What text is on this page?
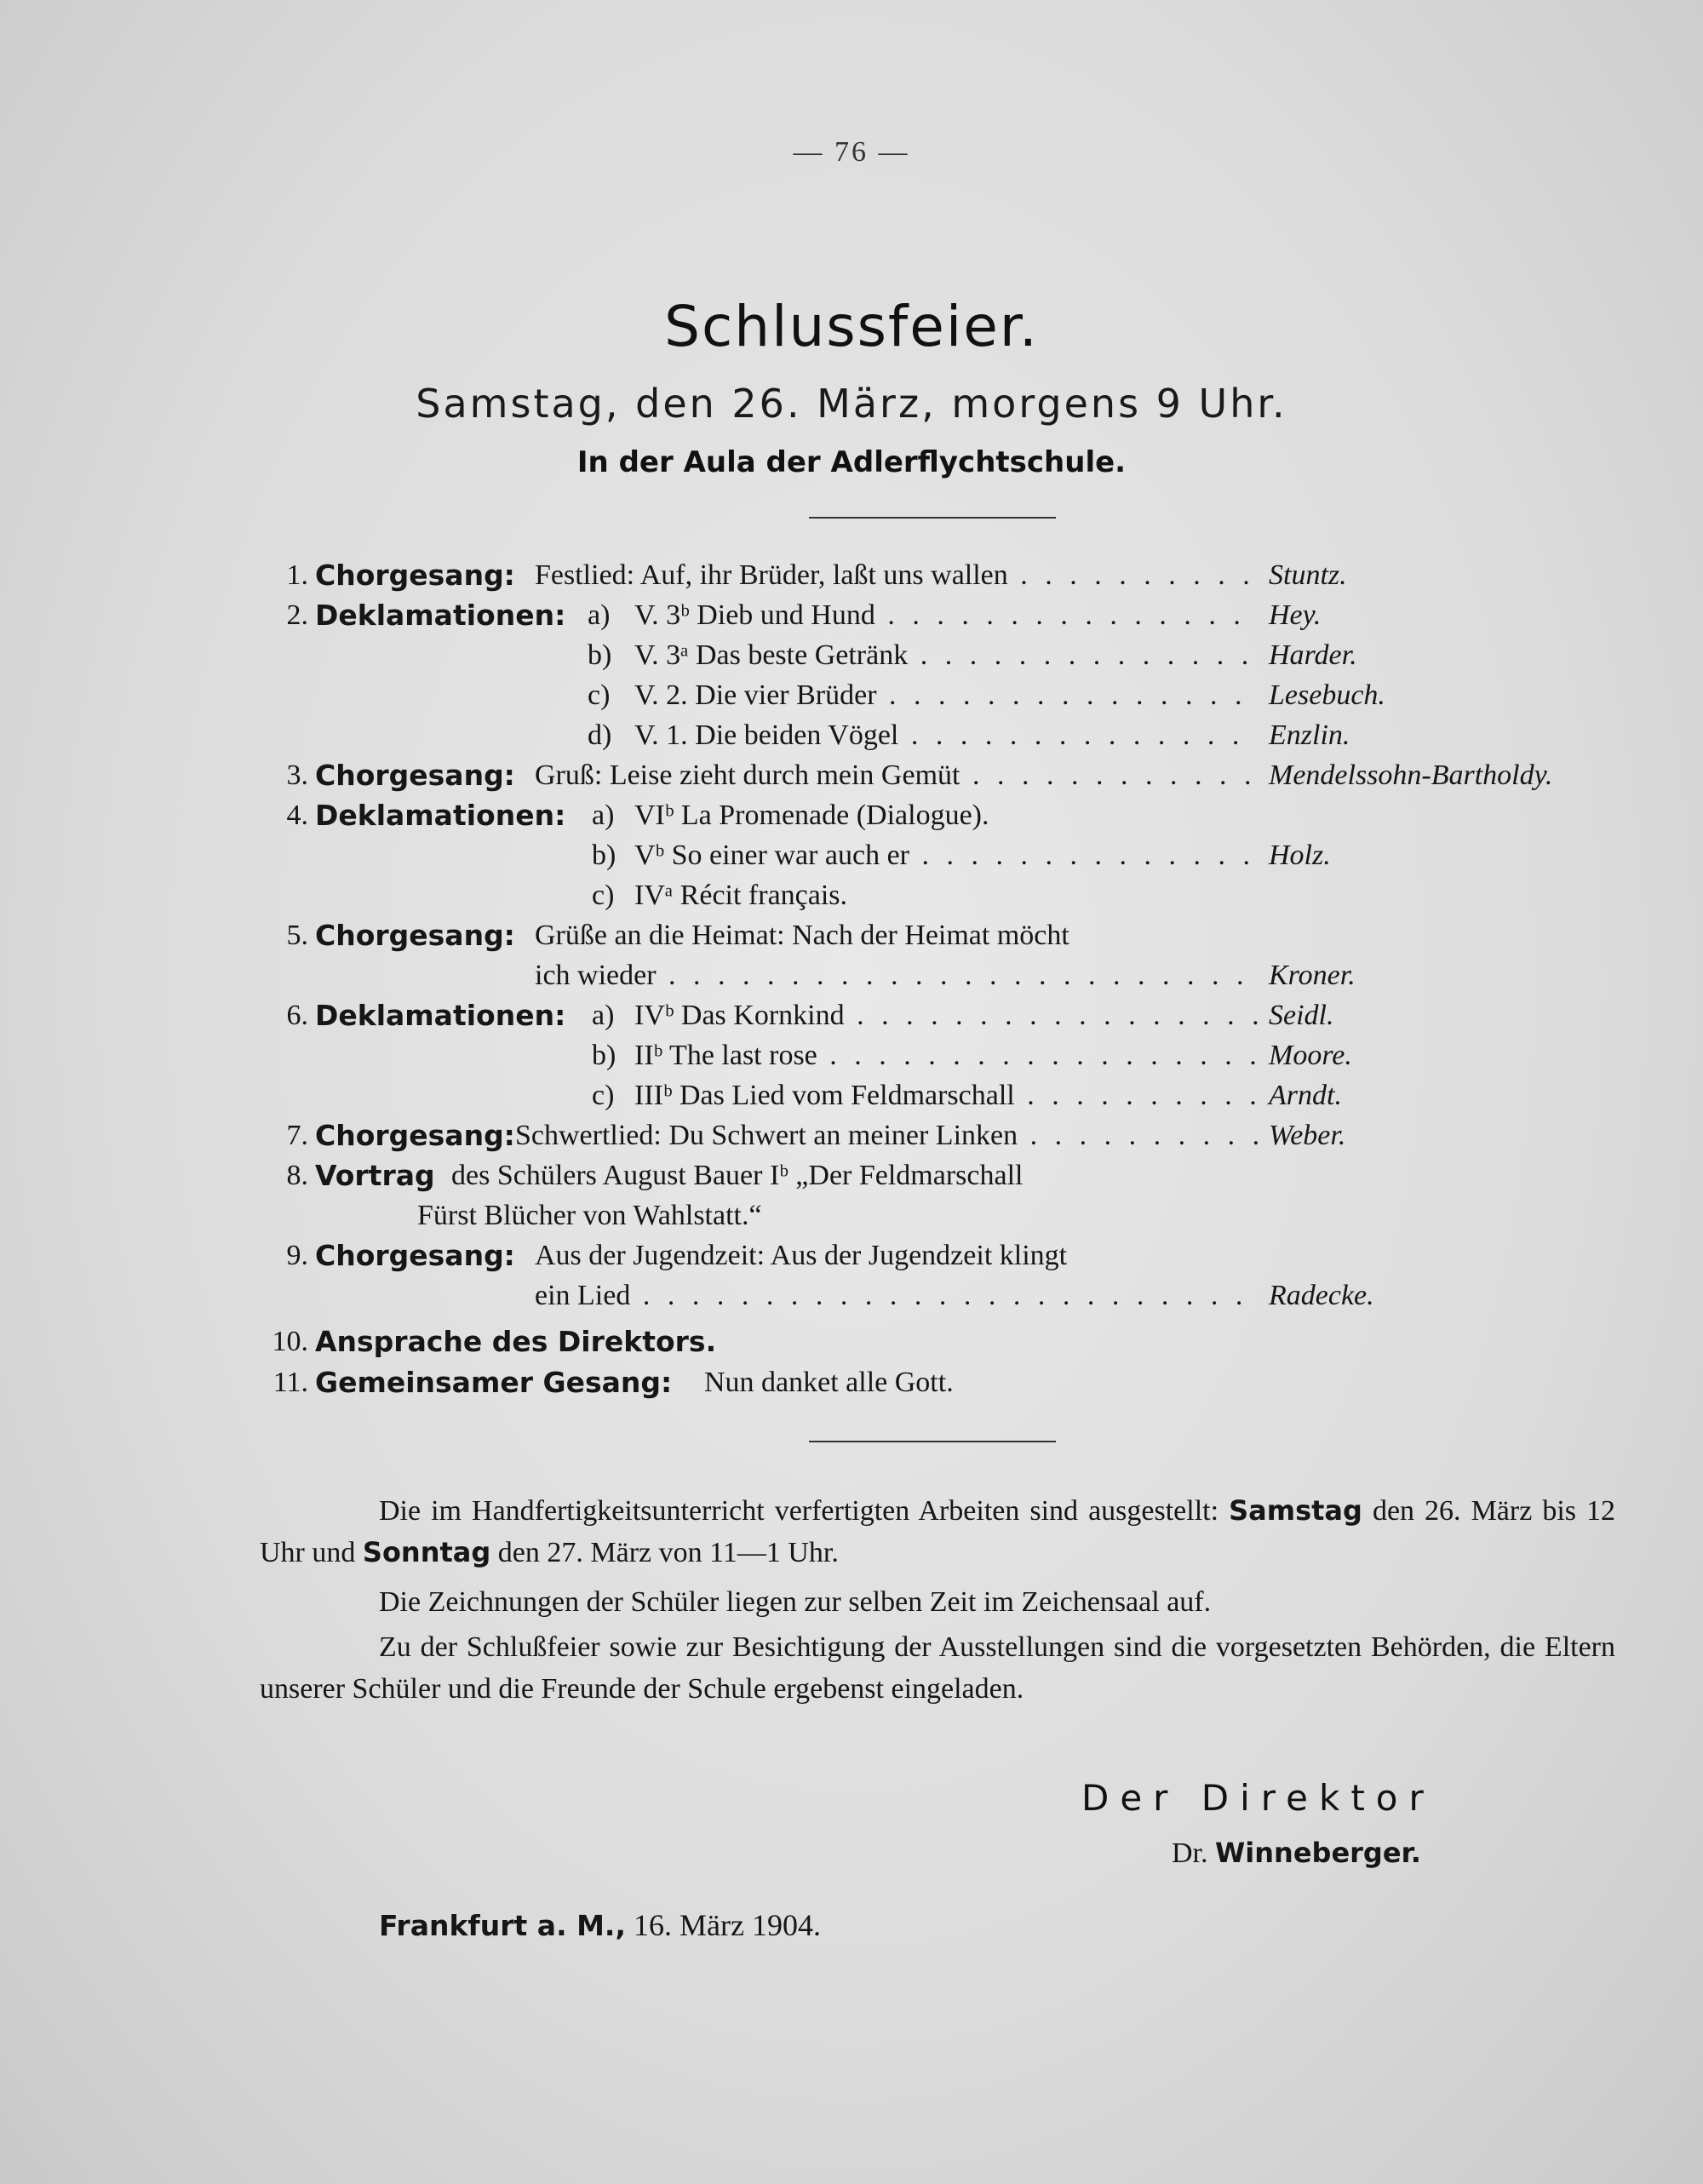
— 76 —
Schlussfeier.
Samstag, den 26. März, morgens 9 Uhr.
In der Aula der Adlerflychtschule.
1. Chorgesang: Festlied: Auf, ihr Brüder, laßt uns wallen . . .	Stuntz.
2. Deklamationen: a) V. 3ᵇ Dieb und Hund . . .	Hey.
b) V. 3ᵃ Das beste Getränk . . .	Harder.
c) V. 2. Die vier Brüder . . .	Lesebuch.
d) V. 1. Die beiden Vögel . . .	Enzlin.
3. Chorgesang: Gruß: Leise zieht durch mein Gemüt . . .	Mendelssohn-Bartholdy.
4. Deklamationen: a) VIᵇ La Promenade (Dialogue).
b) Vᵇ So einer war auch er . . .	Holz.
c) IVᵃ Récit français.
5. Chorgesang: Grüße an die Heimat: Nach der Heimat möcht
ich wieder . . .	Kroner.
6. Deklamationen: a) IVᵇ Das Kornkind . . .	Seidl.
b) IIᵇ The last rose . . .	Moore.
c) IIIᵇ Das Lied vom Feldmarschall . . .	Arndt.
7. Chorgesang: Schwertlied: Du Schwert an meiner Linken . . .	Weber.
8. Vortrag des Schülers August Bauer Iᵇ „Der Feldmarschall
Fürst Blücher von Wahlstatt.“
9. Chorgesang: Aus der Jugendzeit: Aus der Jugendzeit klingt
ein Lied . . .	Radecke.
10. Ansprache des Direktors.
11. Gemeinsamer Gesang: Nun danket alle Gott.
Die im Handfertigkeitsunterricht verfertigten Arbeiten sind ausgestellt: Samstag den 26. März bis 12 Uhr und Sonntag den 27. März von 11—1 Uhr.
Die Zeichnungen der Schüler liegen zur selben Zeit im Zeichensaal auf.
Zu der Schlußfeier sowie zur Besichtigung der Ausstellungen sind die vorgesetzten Behörden, die Eltern unserer Schüler und die Freunde der Schule ergebenst eingeladen.
Der Direktor
Dr. Winneberger.
Frankfurt a. M., 16. März 1904.
